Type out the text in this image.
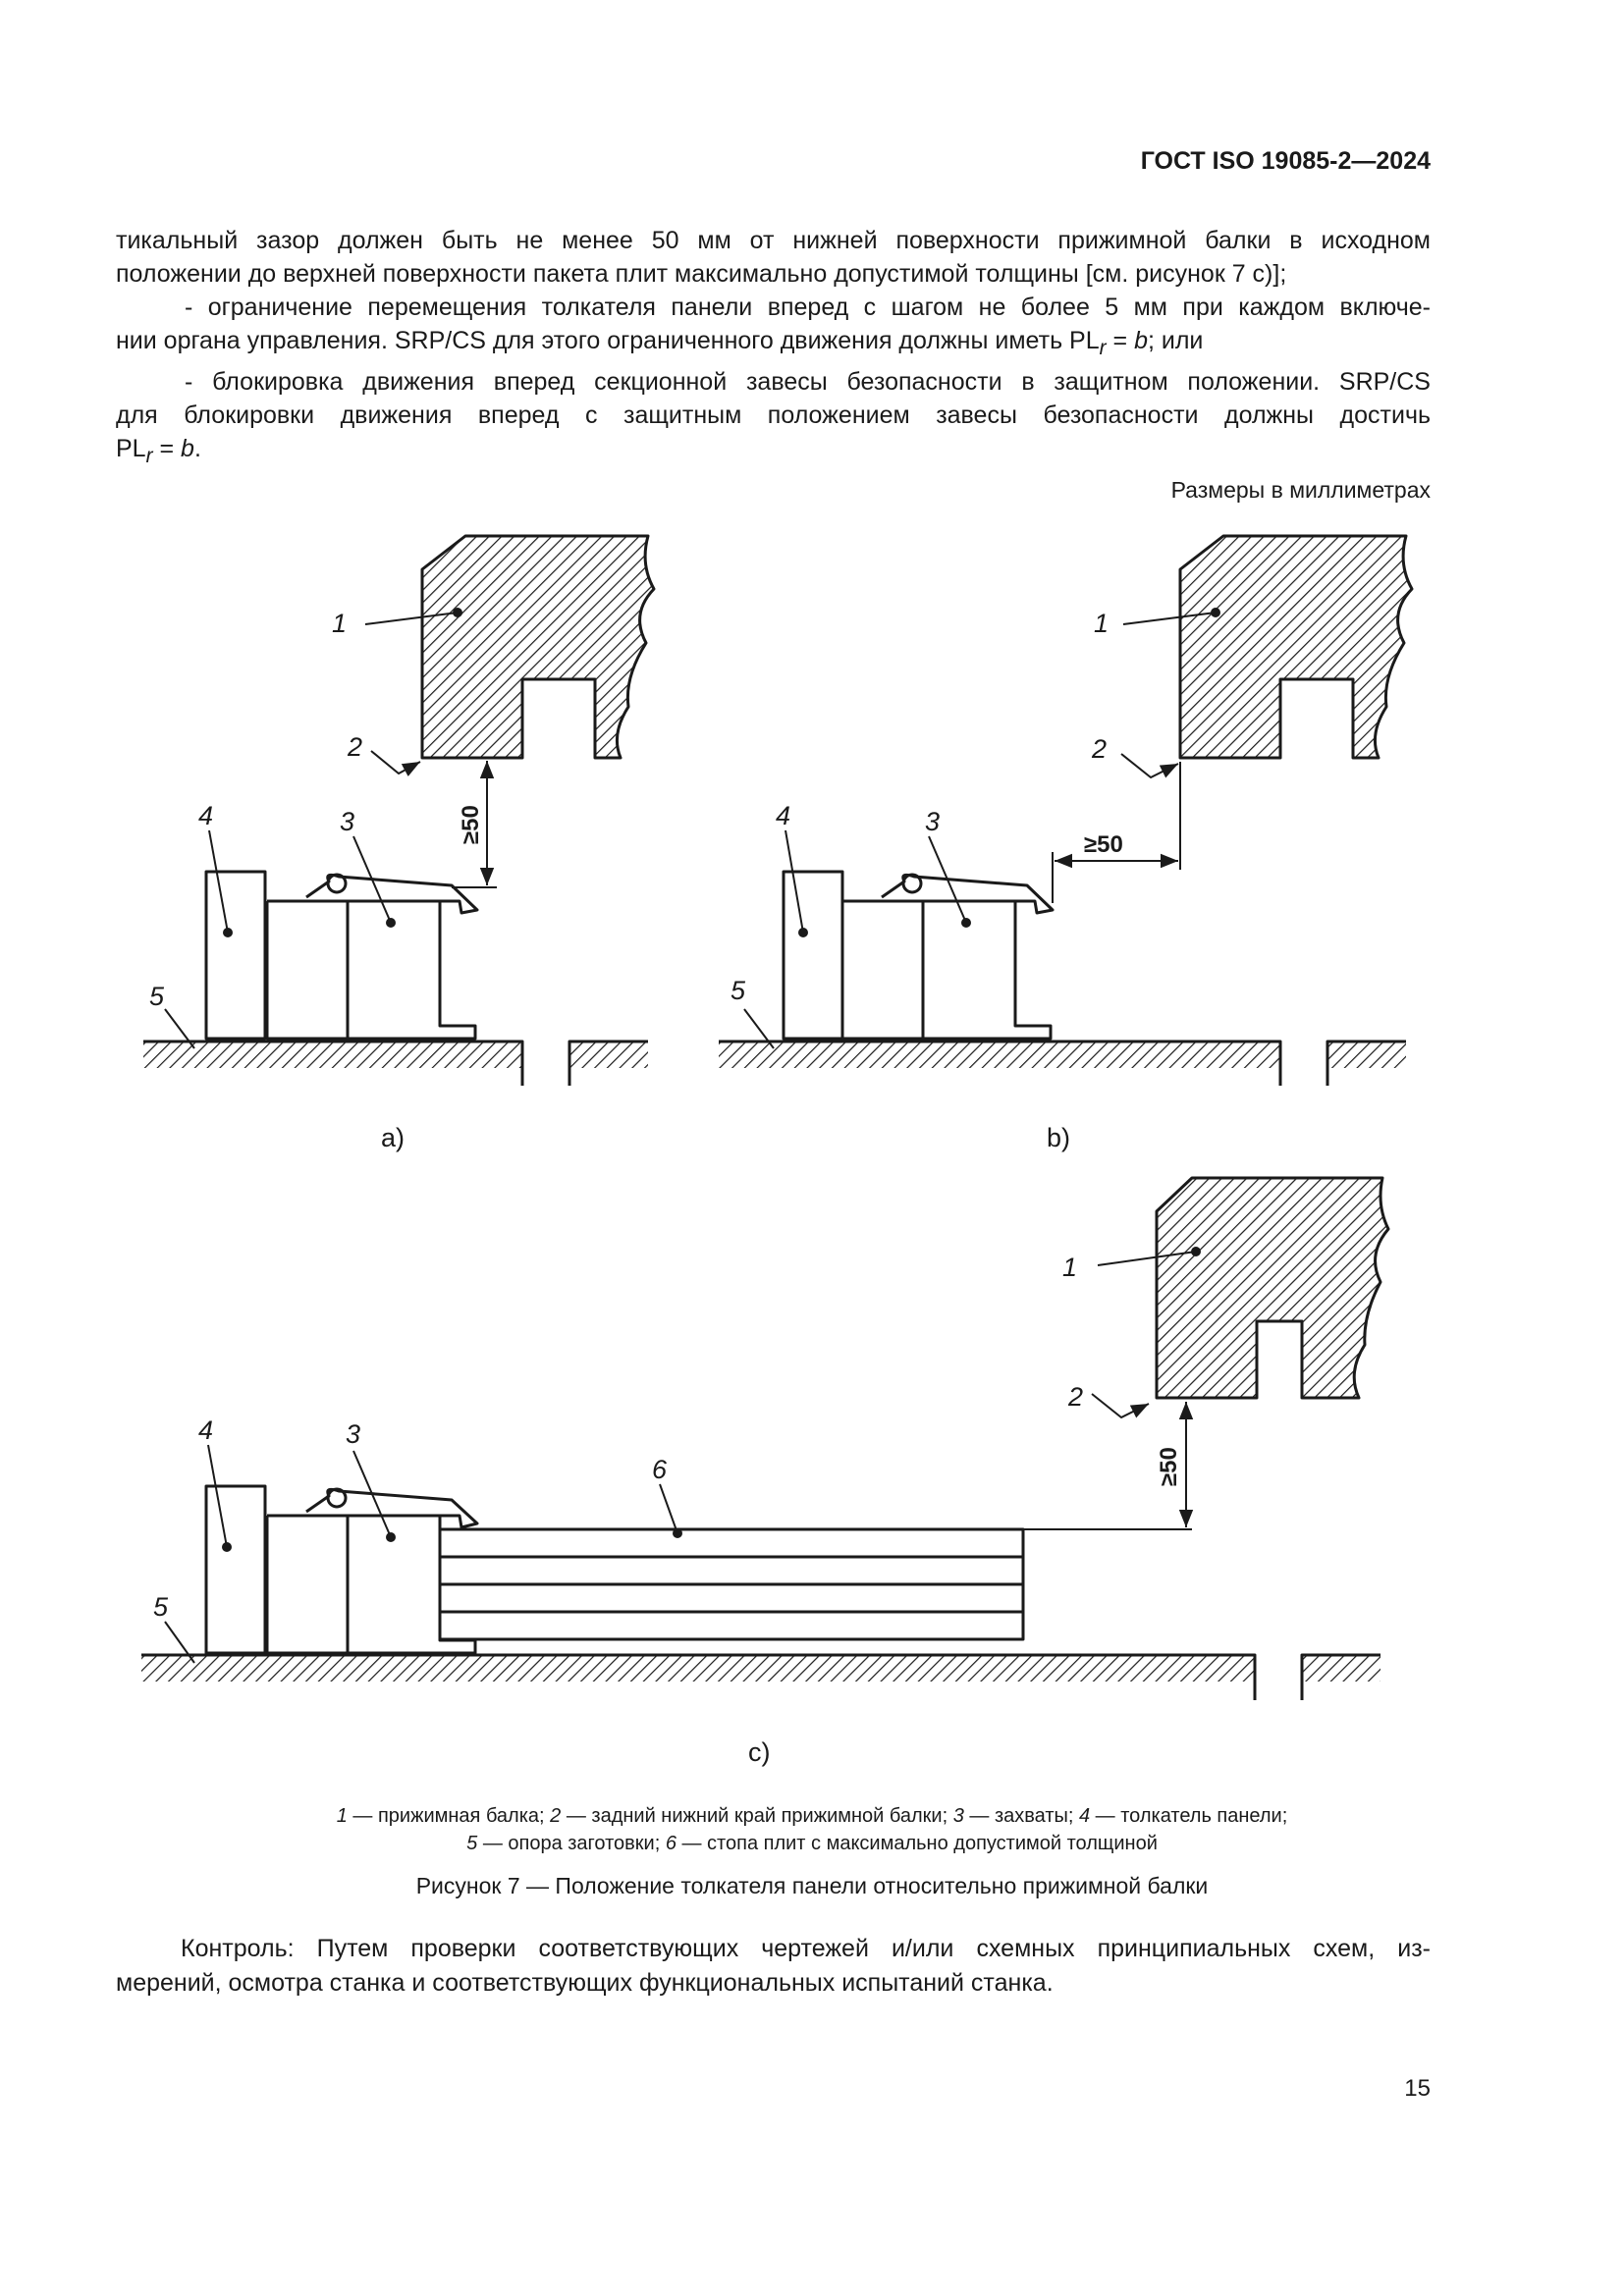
ГОСТ ISO 19085-2—2024
тикальный зазор должен быть не менее 50 мм от нижней поверхности прижимной балки в исходном
положении до верхней поверхности пакета плит максимально допустимой толщины [см. рисунок 7 c)];
- ограничение перемещения толкателя панели вперед с шагом не более 5 мм при каждом включе-
нии органа управления. SRP/CS для этого ограниченного движения должны иметь $PL_r = b$; или
- блокировка движения вперед секционной завесы безопасности в защитном положении. SRP/CS
для блокировки движения вперед с защитным положением завесы безопасности должны достичь
$PL_r = b$.
Размеры в миллиметрах
1
2
3
4
5
≥50
а)
1
2
3
4
5
≥50
b)
1
2
3
4
5
6	≥50
c)
1 — прижимная балка; 2 — задний нижний край прижимной балки; 3 — захваты; 4 — толкатель панели;
5 — опора заготовки; 6 — стопа плит с максимально допустимой толщиной
Рисунок 7 — Положение толкателя панели относительно прижимной балки
Контроль: Путем проверки соответствующих чертежей и/или схемных принципиальных схем, из-
мерений, осмотра станка и соответствующих функциональных испытаний станка.
15
